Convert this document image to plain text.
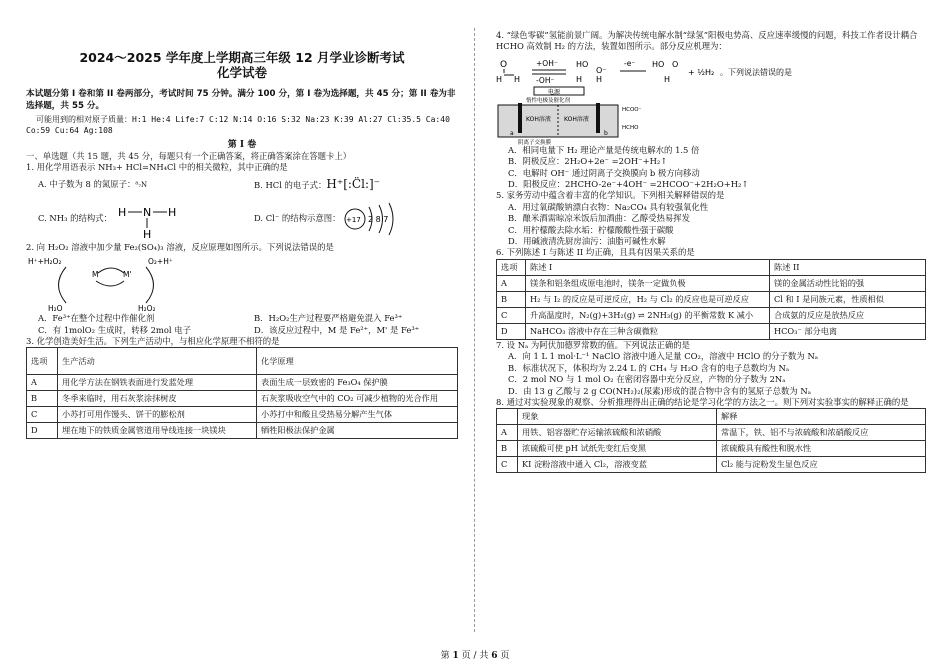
2024～2025 学年度上学期高三年级 12 月学业诊断考试
化学试卷
本试题分第 I 卷和第 II 卷两部分，考试时间 75 分钟。满分 100 分，第 I 卷为选择题，共 45 分；第 II 卷为非选择题，共 55 分。
可能用到的相对原子质量：H:1 He:4 Life:7 C:12 N:14 O:16 S:32 Na:23 K:39 Al:27 Cl:35.5 Ca:40 Co:59 Cu:64 Ag:108
第 I 卷
一、单选题（共 15 题，共 45 分，每题只有一个正确答案，将正确答案涂在答题卡上）
1. 用化学用语表示 NH₃+ HCl=NH₄Cl 中的相关微粒，其中正确的是
A. 中子数为 8 的氮原子：⁸₇N	B. HCl 的电子式：H⁺[:C̈l:]⁻
C. NH₃ 的结构式： H N H
H
D. Cl⁻ 的结构示意图： +17 2 8 7
2. 向 H₂O₂ 溶液中加少量 Fe₂(SO₄)₃ 溶液，反应原理如图所示。下列说法错误的是
H⁺+H₂O₂
M	M'
O₂+H⁺
H₂O	H₂O₂
A．Fe³⁺在整个过程中作催化剂	B．H₂O₂生产过程要严格避免混入 Fe³⁺
C．有 1molO₂ 生成时，转移 2mol 电子	D．该反应过程中，M 是 Fe²⁺，M' 是 Fe³⁺
3. 化学创造美好生活。下列生产活动中，与相应化学原理不相符的是
选项	生产活动	化学原理
A	用化学方法在钢铁表面进行发蓝处理	表面生成一层致密的 Fe₃O₄ 保护膜
B	冬季来临时，用石灰浆涂抹树皮	石灰浆吸收空气中的 CO₂ 可减少植物的光合作用
C	小苏打可用作馒头、饼干的膨松剂	小苏打中和酸且受热易分解产生气体
D	埋在地下的铁质金属管道用导线连接一块镁块	牺牲阳极法保护金属
4. “绿色零碳”氢能前景广阔。为解决传统电解水制“绿氢”阳极电势高、反应速率缓慢的问题，科技工作者设计耦合 HCHO 高效制 H₂ 的方法，装置如图所示。部分反应机理为：
O
H H
+OH⁻
-OH⁻
HO
O⁻
H H
-e⁻ HO O
H
+ ½H₂ 。下列说法错误的是
电源
惰性电极及催化剂
KOH溶液 KOH溶液
HCOO⁻
HCHO
a	b
阴离子交换膜
A．相同电量下 H₂ 理论产量是传统电解水的 1.5 倍
B．阴极反应：2H₂O+2e⁻ =2OH⁻+H₂↑
C．电解时 OH⁻ 通过阴离子交换膜向 b 极方向移动
D．阳极反应：2HCHO-2e⁻+4OH⁻ =2HCOO⁻+2H₂O+H₂↑
5. 家务劳动中蕴含着丰富的化学知识。下列相关解释错误的是
A．用过氧碳酸钠漂白衣物：Na₂CO₄ 具有较强氧化性
B．酿米酒需晾凉米饭后加酒曲：乙醇受热易挥发
C．用柠檬酸去除水垢：柠檬酸酸性强于碳酸
D．用碱液清洗厨房油污：油脂可碱性水解
6. 下列陈述 I 与陈述 II 均正确，且具有因果关系的是
选项	陈述 I	陈述 II
A	镁条和铝条组成原电池时，镁条一定做负极	镁的金属活动性比铝的强
B	H₂ 与 I₂ 的反应是可逆反应，H₂ 与 Cl₂ 的反应也是可逆反应	Cl 和 I 是同族元素，性质相似
C	升高温度时，N₂(g)+3H₂(g) ⇌ 2NH₃(g) 的平衡常数 K 减小	合成氨的反应是放热反应
D	NaHCO₃ 溶液中存在三种含碳微粒	HCO₃⁻ 部分电离
7. 设 Nₐ 为阿伏加德罗常数的值。下列说法正确的是
A．向 1 L 1 mol·L⁻¹ NaClO 溶液中通入足量 CO₂，溶液中 HClO 的分子数为 Nₐ
B．标准状况下，体积均为 2.24 L 的 CH₄ 与 H₂O 含有的电子总数均为 Nₐ
C．2 mol NO 与 1 mol O₂ 在密闭容器中充分反应，产物的分子数为 2Nₐ
D．由 13 g 乙酸与 2 g CO(NH₂)₂(尿素)形成的混合物中含有的氢原子总数为 Nₐ
8. 通过对实验现象的观察、分析推理得出正确的结论是学习化学的方法之一。则下列对实验事实的解释正确的是
	现象	解释
A	用铁、铝容器贮存运输浓硫酸和浓硝酸	常温下，铁、铝不与浓硫酸和浓硝酸反应
B	浓硫酸可使 pH 试纸先变红后变黑	浓硫酸具有酸性和脱水性
C	KI 淀粉溶液中通入 Cl₂，溶液变蓝	Cl₂ 能与淀粉发生显色反应
第 1 页 / 共 6 页
